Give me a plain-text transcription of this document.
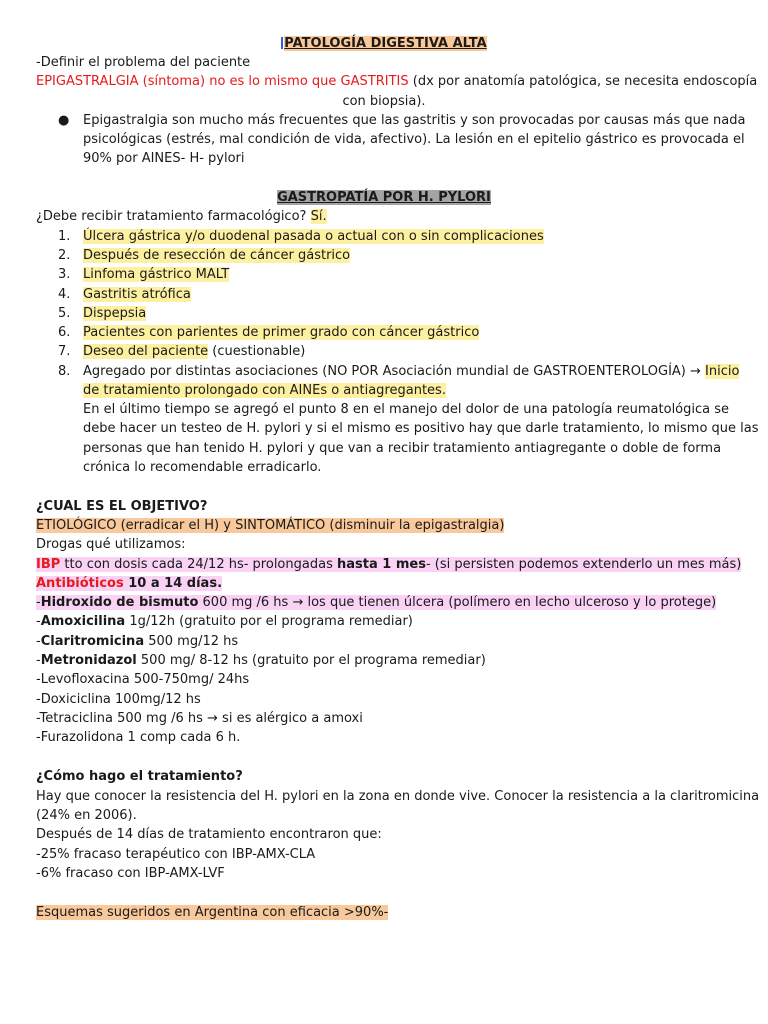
PATOLOGÍA DIGESTIVA ALTA
-Definir el problema del paciente
EPIGASTRALGIA (síntoma) no es lo mismo que GASTRITIS (dx por anatomía patológica, se necesita endoscopía
con biopsia).
● Epigastralgia son mucho más frecuentes que las gastritis y son provocadas por causas más que nada
psicológicas (estrés, mal condición de vida, afectivo). La lesión en el epitelio gástrico es provocada el
90% por AINES- H- pylori
GASTROPATÍA POR H. PYLORI
¿Debe recibir tratamiento farmacológico? Sí.
1. Úlcera gástrica y/o duodenal pasada o actual con o sin complicaciones
2. Después de resección de cáncer gástrico
3. Linfoma gástrico MALT
4. Gastritis atrófica
5. Dispepsia
6. Pacientes con parientes de primer grado con cáncer gástrico
7. Deseo del paciente (cuestionable)
8. Agregado por distintas asociaciones (NO POR Asociación mundial de GASTROENTEROLOGÍA) → Inicio
de tratamiento prolongado con AINEs o antiagregantes.
En el último tiempo se agregó el punto 8 en el manejo del dolor de una patología reumatológica se
debe hacer un testeo de H. pylori y si el mismo es positivo hay que darle tratamiento, lo mismo que las
personas que han tenido H. pylori y que van a recibir tratamiento antiagregante o doble de forma
crónica lo recomendable erradicarlo.
¿CUAL ES EL OBJETIVO?
ETIOLÓGICO (erradicar el H) y SINTOMÁTICO (disminuir la epigastralgia)
Drogas qué utilizamos:
IBP tto con dosis cada 24/12 hs- prolongadas hasta 1 mes- (si persisten podemos extenderlo un mes más)
Antibióticos 10 a 14 días.
-Hidroxido de bismuto 600 mg /6 hs → los que tienen úlcera (polímero en lecho ulceroso y lo protege)
-Amoxicilina 1g/12h (gratuito por el programa remediar)
-Claritromicina 500 mg/12 hs
-Metronidazol 500 mg/ 8-12 hs (gratuito por el programa remediar)
-Levofloxacina 500-750mg/ 24hs
-Doxiciclina 100mg/12 hs
-Tetraciclina 500 mg /6 hs → si es alérgico a amoxi
-Furazolidona 1 comp cada 6 h.
¿Cómo hago el tratamiento?
Hay que conocer la resistencia del H. pylori en la zona en donde vive. Conocer la resistencia a la claritromicina
(24% en 2006).
Después de 14 días de tratamiento encontraron que:
-25% fracaso terapéutico con IBP-AMX-CLA
-6% fracaso con IBP-AMX-LVF
Esquemas sugeridos en Argentina con eficacia >90%-
